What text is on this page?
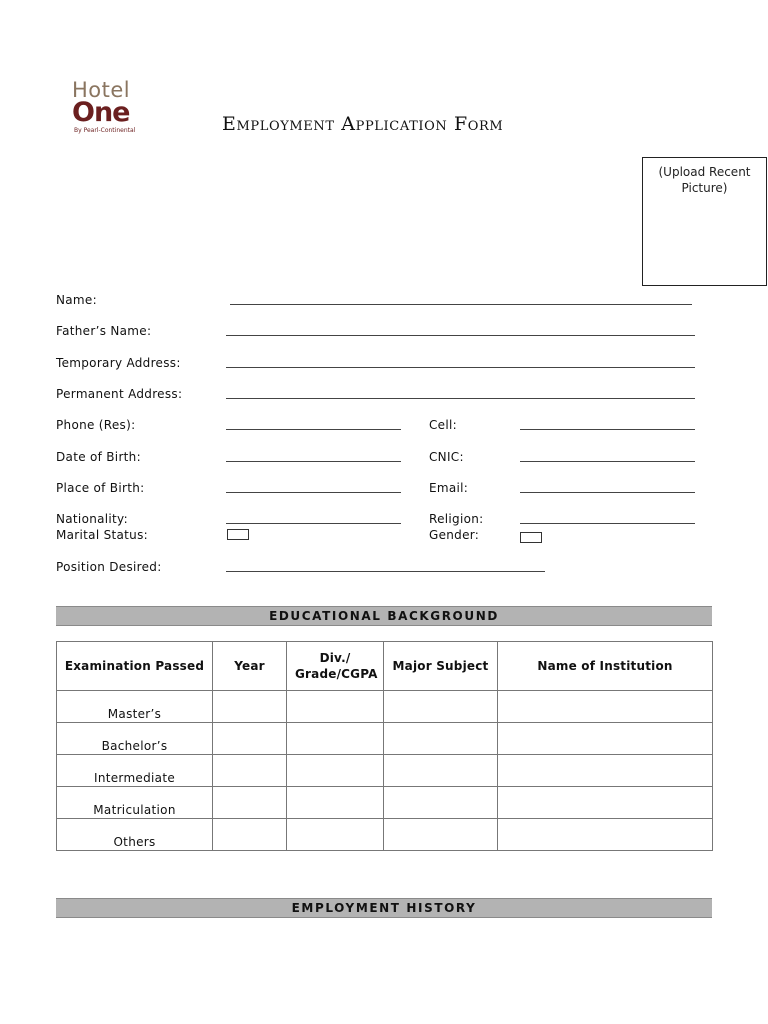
Hotel
One
By Pearl-Continental	Employment Application Form
(Upload Recent
Picture)
Name:
Father’s Name:
Temporary Address:
Permanent Address:
Phone (Res):	Cell:
Date of Birth:	CNIC:
Place of Birth:	Email:
Nationality:	Religion:
Marital Status:	Gender:
Position Desired:
EDUCATIONAL BACKGROUND
Examination Passed	Year	Div./ Grade/CGPA	Major Subject	Name of Institution

Master’s				

Bachelor’s				

Intermediate				

Matriculation				

Others				

EMPLOYMENT HISTORY
